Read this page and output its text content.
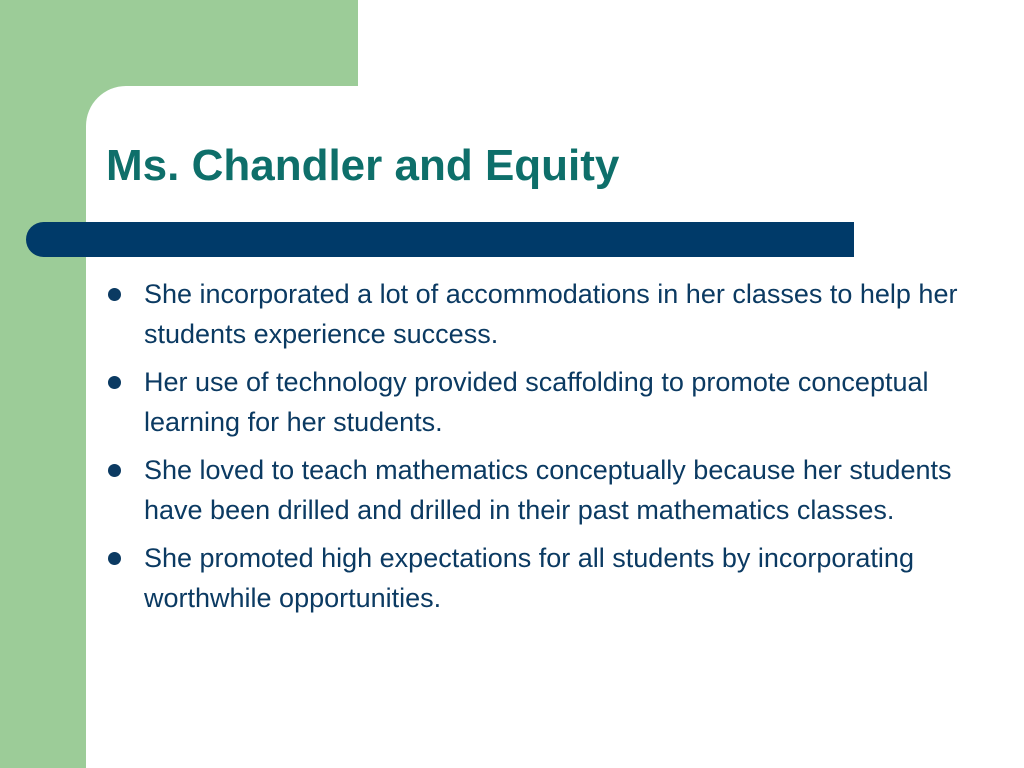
Ms. Chandler and Equity
She incorporated a lot of accommodations in her classes to help her students experience success.
Her use of technology provided scaffolding to promote conceptual learning for her students.
She loved to teach mathematics conceptually because her students have been drilled and drilled in their past mathematics classes.
She promoted high expectations for all students by incorporating worthwhile opportunities.
